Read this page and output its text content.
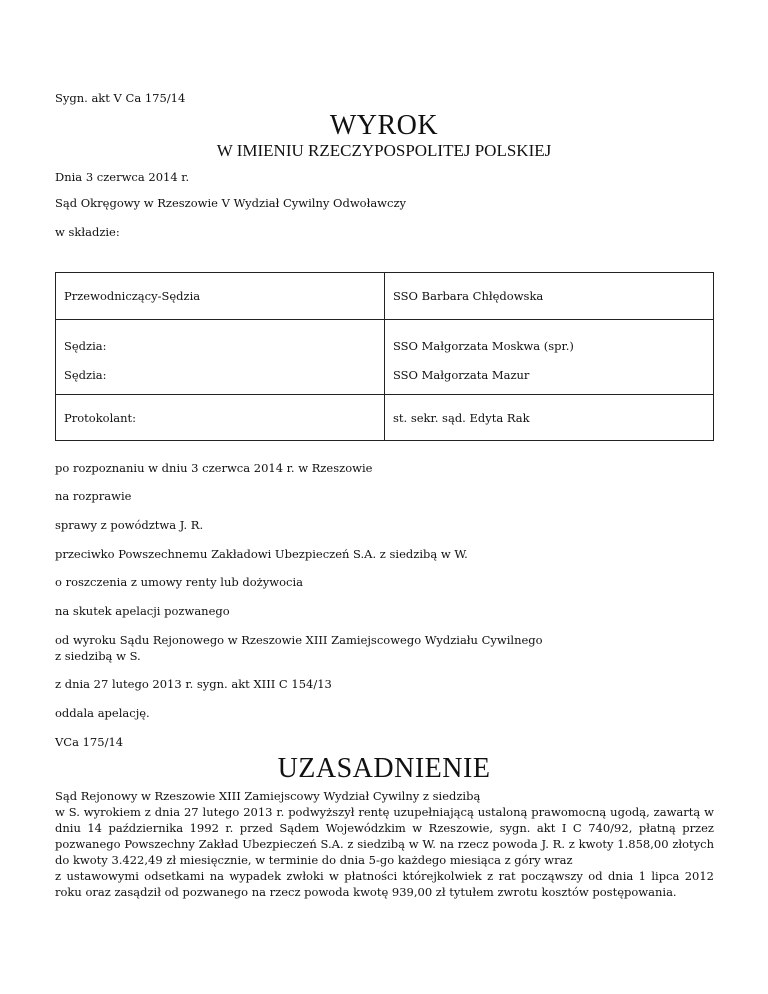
Sygn. akt V Ca 175/14
WYROK
W IMIENIU RZECZYPOSPOLITEJ POLSKIEJ
Dnia 3 czerwca 2014 r.
Sąd Okręgowy w Rzeszowie V Wydział Cywilny Odwoławczy
w składzie:
Przewodniczący-Sędzia	SSO Barbara Chłędowska
Sędzia:	SSO Małgorzata Moskwa (spr.)
Sędzia:	SSO Małgorzata Mazur
Protokolant:	st. sekr. sąd. Edyta Rak
po rozpoznaniu w dniu 3 czerwca 2014 r. w Rzeszowie
na rozprawie
sprawy z powództwa J. R.
przeciwko Powszechnemu Zakładowi Ubezpieczeń S.A. z siedzibą w W.
o roszczenia z umowy renty lub dożywocia
na skutek apelacji pozwanego
od wyroku Sądu Rejonowego w Rzeszowie XIII Zamiejscowego Wydziału Cywilnego
z siedzibą w S.
z dnia 27 lutego 2013 r. sygn. akt XIII C 154/13
oddala apelację.
VCa 175/14
UZASADNIENIE

Sąd Rejonowy w Rzeszowie XIII Zamiejscowy Wydział Cywilny z siedzibą

w S. wyrokiem z dnia 27 lutego 2013 r. podwyższył rentę uzupełniającą ustaloną prawomocną ugodą, zawartą w dniu 14 października 1992 r. przed Sądem Wojewódzkim w Rzeszowie, sygn. akt I C 740/92, płatną przez pozwanego Powszechny Zakład Ubezpieczeń S.A. z siedzibą w W. na rzecz powoda J. R. z kwoty 1.858,00 złotych do kwoty 3.422,49 zł miesięcznie, w terminie do dnia 5-go każdego miesiąca z góry wraz

z ustawowymi odsetkami na wypadek zwłoki w płatności którejkolwiek z rat począwszy od dnia 1 lipca 2012 roku oraz zasądził od pozwanego na rzecz powoda kwotę 939,00 zł tytułem zwrotu kosztów postępowania.
